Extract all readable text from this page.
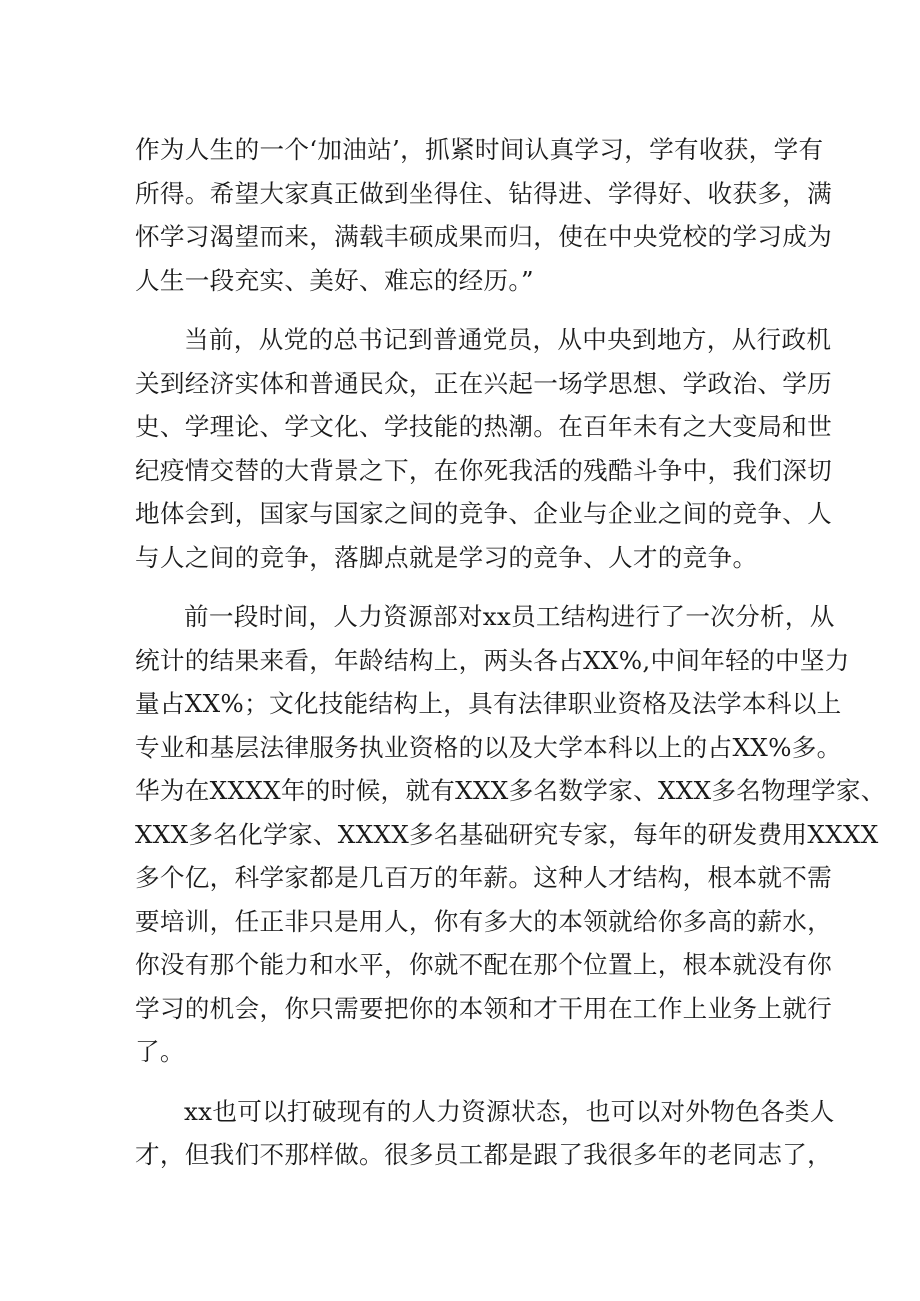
作为人生的一个‘加油站’，抓紧时间认真学习，学有收获，学有
所得。希望大家真正做到坐得住、钻得进、学得好、收获多，满
怀学习渴望而来，满载丰硕成果而归，使在中央党校的学习成为
人生一段充实、美好、难忘的经历。”
当前，从党的总书记到普通党员，从中央到地方，从行政机
关到经济实体和普通民众，正在兴起一场学思想、学政治、学历
史、学理论、学文化、学技能的热潮。在百年未有之大变局和世
纪疫情交替的大背景之下，在你死我活的残酷斗争中，我们深切
地体会到，国家与国家之间的竞争、企业与企业之间的竞争、人
与人之间的竞争，落脚点就是学习的竞争、人才的竞争。
前一段时间，人力资源部对xx员工结构进行了一次分析，从
统计的结果来看，年龄结构上，两头各占XX%,中间年轻的中坚力
量占XX%；文化技能结构上，具有法律职业资格及法学本科以上
专业和基层法律服务执业资格的以及大学本科以上的占XX%多。
华为在XXXX年的时候，就有XXX多名数学家、XXX多名物理学家、
XXX多名化学家、XXXX多名基础研究专家，每年的研发费用XXXX
多个亿，科学家都是几百万的年薪。这种人才结构，根本就不需
要培训，任正非只是用人，你有多大的本领就给你多高的薪水，
你没有那个能力和水平，你就不配在那个位置上，根本就没有你
学习的机会，你只需要把你的本领和才干用在工作上业务上就行
了。
xx也可以打破现有的人力资源状态，也可以对外物色各类人
才，但我们不那样做。很多员工都是跟了我很多年的老同志了，
